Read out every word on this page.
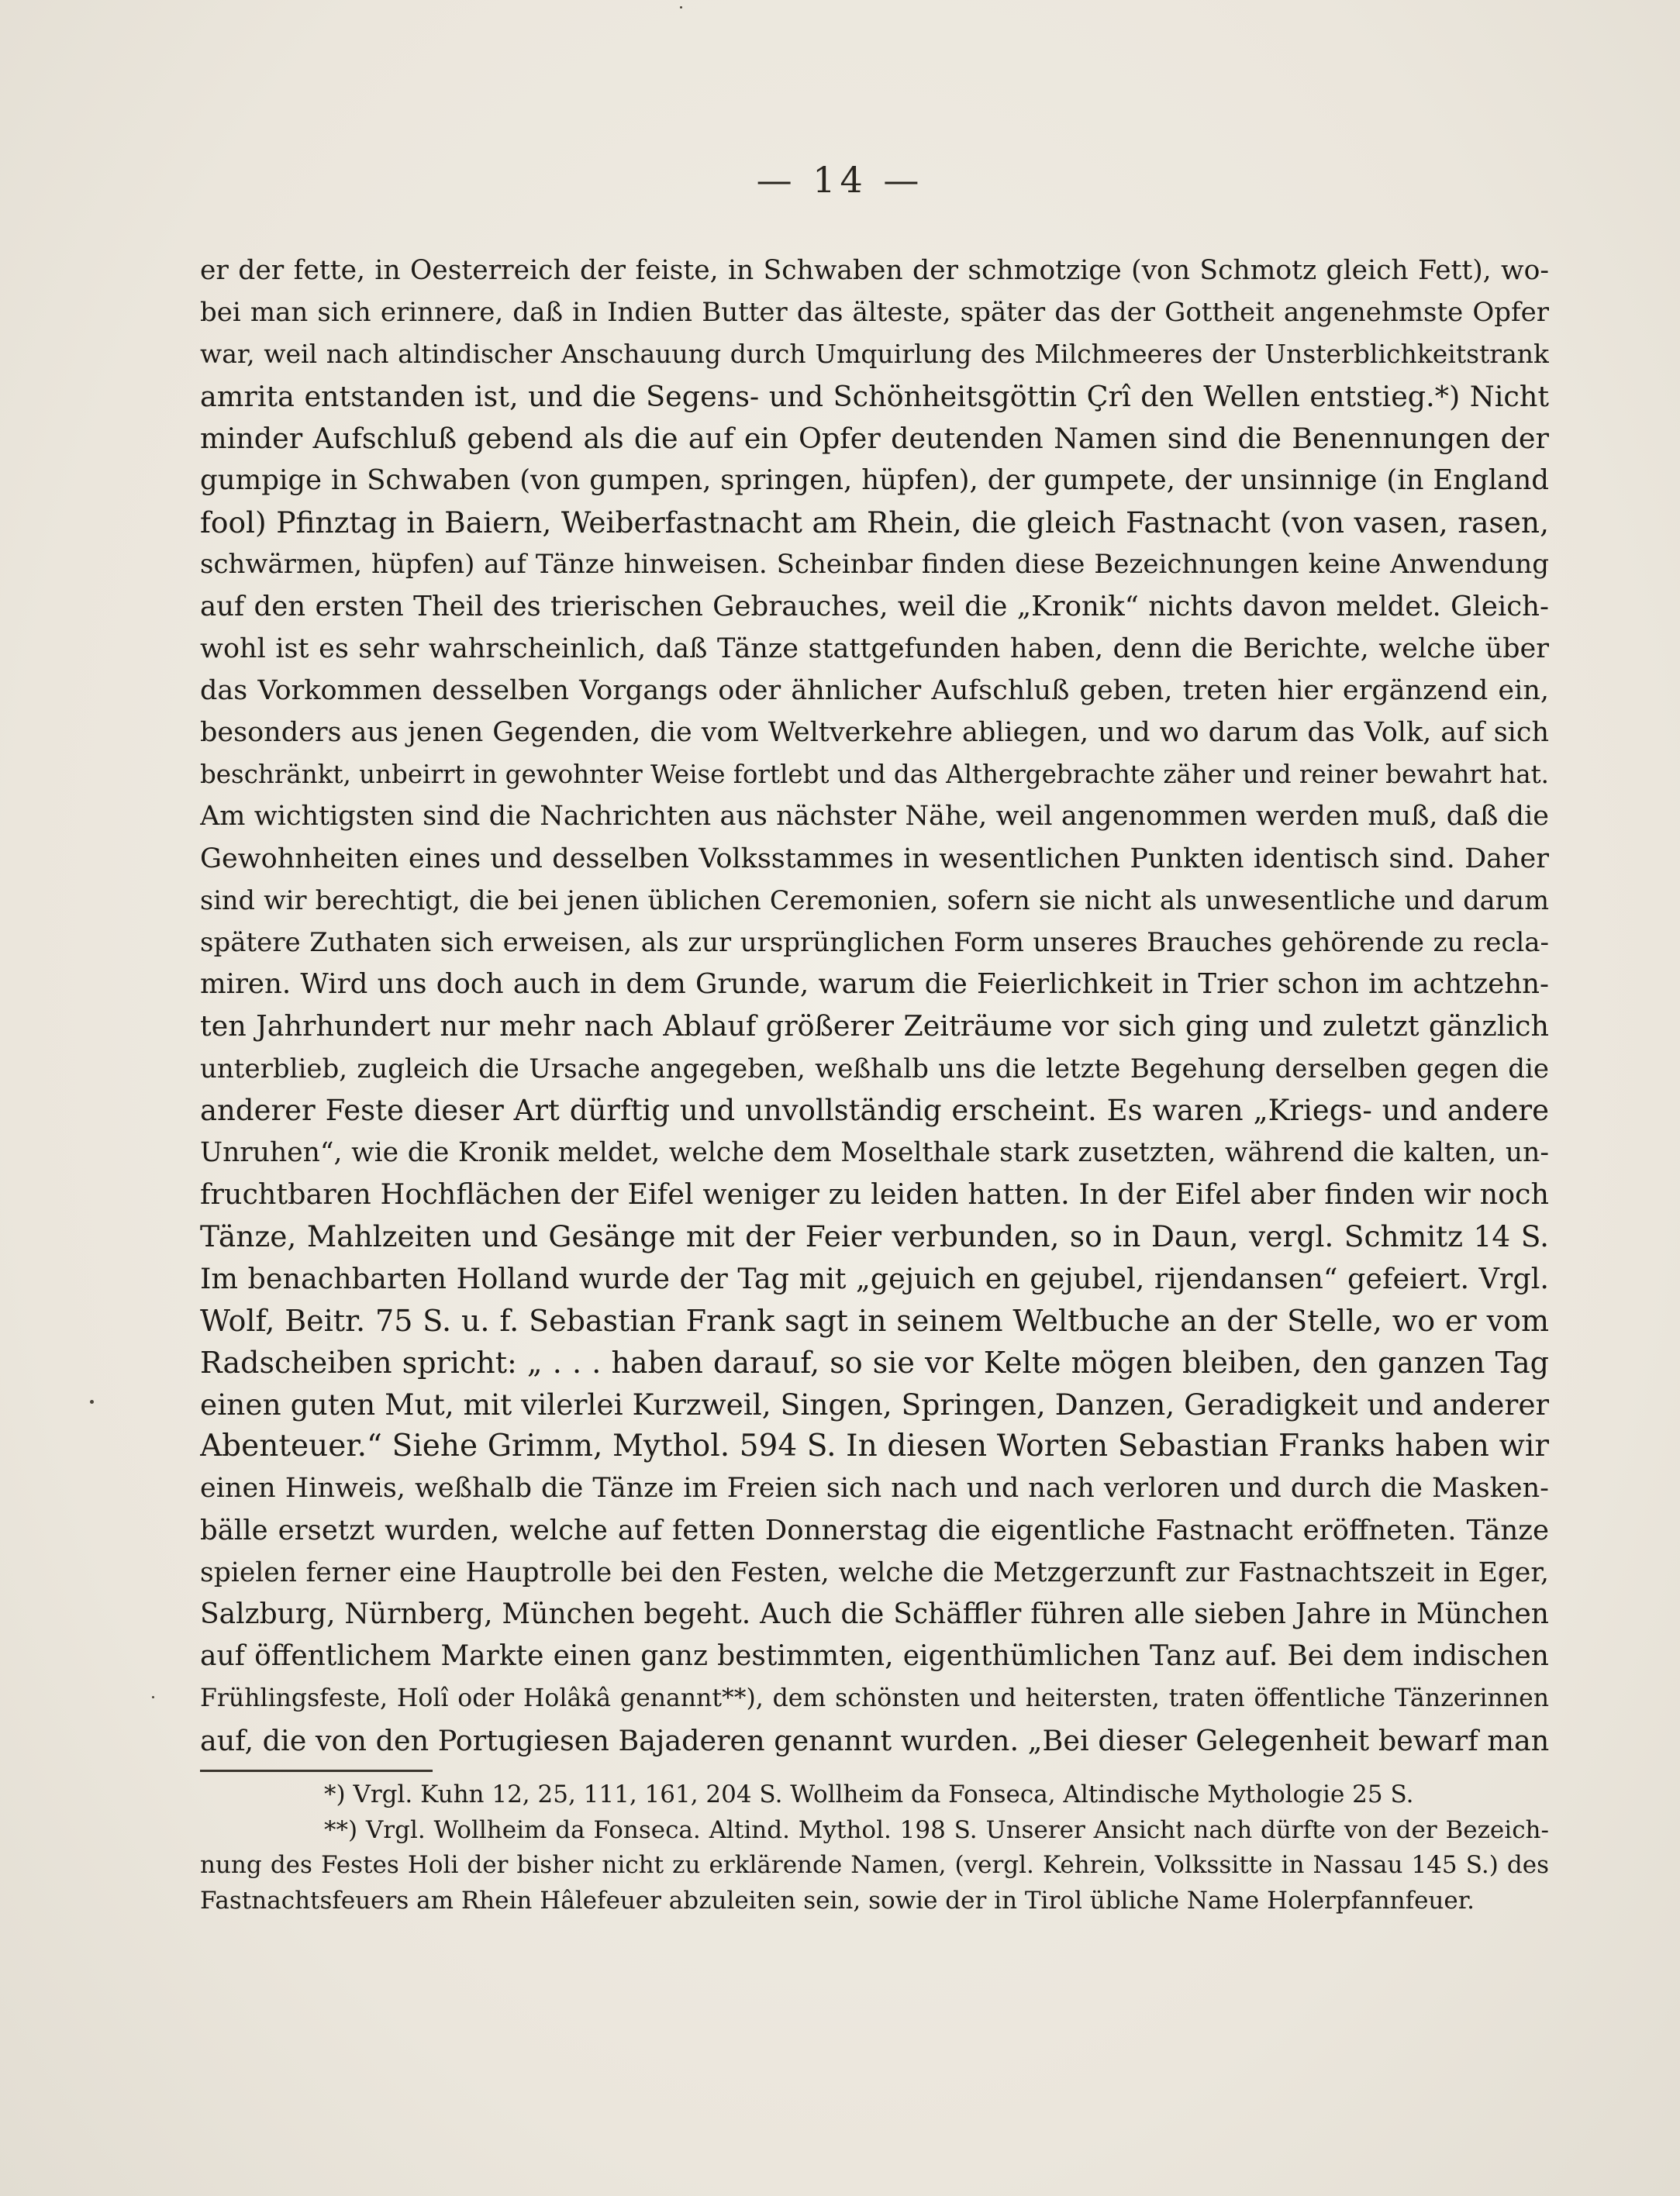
— 14 —
er der fette, in Oesterreich der feiste, in Schwaben der schmotzige (von Schmotz gleich Fett), wo-
bei man sich erinnere, daß in Indien Butter das älteste, später das der Gottheit angenehmste Opfer
war, weil nach altindischer Anschauung durch Umquirlung des Milchmeeres der Unsterblichkeitstrank
amrita entstanden ist, und die Segens- und Schönheitsgöttin Çrî den Wellen entstieg.*) Nicht
minder Aufschluß gebend als die auf ein Opfer deutenden Namen sind die Benennungen der
gumpige in Schwaben (von gumpen, springen, hüpfen), der gumpete, der unsinnige (in England
fool) Pfinztag in Baiern, Weiberfastnacht am Rhein, die gleich Fastnacht (von vasen, rasen,
schwärmen, hüpfen) auf Tänze hinweisen. Scheinbar finden diese Bezeichnungen keine Anwendung
auf den ersten Theil des trierischen Gebrauches, weil die „Kronik“ nichts davon meldet. Gleich-
wohl ist es sehr wahrscheinlich, daß Tänze stattgefunden haben, denn die Berichte, welche über
das Vorkommen desselben Vorgangs oder ähnlicher Aufschluß geben, treten hier ergänzend ein,
besonders aus jenen Gegenden, die vom Weltverkehre abliegen, und wo darum das Volk, auf sich
beschränkt, unbeirrt in gewohnter Weise fortlebt und das Althergebrachte zäher und reiner bewahrt hat.
Am wichtigsten sind die Nachrichten aus nächster Nähe, weil angenommen werden muß, daß die
Gewohnheiten eines und desselben Volksstammes in wesentlichen Punkten identisch sind. Daher
sind wir berechtigt, die bei jenen üblichen Ceremonien, sofern sie nicht als unwesentliche und darum
spätere Zuthaten sich erweisen, als zur ursprünglichen Form unseres Brauches gehörende zu recla-
miren. Wird uns doch auch in dem Grunde, warum die Feierlichkeit in Trier schon im achtzehn-
ten Jahrhundert nur mehr nach Ablauf größerer Zeiträume vor sich ging und zuletzt gänzlich
unterblieb, zugleich die Ursache angegeben, weßhalb uns die letzte Begehung derselben gegen die
anderer Feste dieser Art dürftig und unvollständig erscheint. Es waren „Kriegs- und andere
Unruhen“, wie die Kronik meldet, welche dem Moselthale stark zusetzten, während die kalten, un-
fruchtbaren Hochflächen der Eifel weniger zu leiden hatten. In der Eifel aber finden wir noch
Tänze, Mahlzeiten und Gesänge mit der Feier verbunden, so in Daun, vergl. Schmitz 14 S.
Im benachbarten Holland wurde der Tag mit „gejuich en gejubel, rijendansen“ gefeiert. Vrgl.
Wolf, Beitr. 75 S. u. f. Sebastian Frank sagt in seinem Weltbuche an der Stelle, wo er vom
Radscheiben spricht: „ . . . haben darauf, so sie vor Kelte mögen bleiben, den ganzen Tag
einen guten Mut, mit vilerlei Kurzweil, Singen, Springen, Danzen, Geradigkeit und anderer
Abenteuer.“ Siehe Grimm, Mythol. 594 S. In diesen Worten Sebastian Franks haben wir
einen Hinweis, weßhalb die Tänze im Freien sich nach und nach verloren und durch die Masken-
bälle ersetzt wurden, welche auf fetten Donnerstag die eigentliche Fastnacht eröffneten. Tänze
spielen ferner eine Hauptrolle bei den Festen, welche die Metzgerzunft zur Fastnachtszeit in Eger,
Salzburg, Nürnberg, München begeht. Auch die Schäffler führen alle sieben Jahre in München
auf öffentlichem Markte einen ganz bestimmten, eigenthümlichen Tanz auf. Bei dem indischen
Frühlingsfeste, Holî oder Holâkâ genannt**), dem schönsten und heitersten, traten öffentliche Tänzerinnen
auf, die von den Portugiesen Bajaderen genannt wurden. „Bei dieser Gelegenheit bewarf man
*) Vrgl. Kuhn 12, 25, 111, 161, 204 S. Wollheim da Fonseca, Altindische Mythologie 25 S.
**) Vrgl. Wollheim da Fonseca. Altind. Mythol. 198 S. Unserer Ansicht nach dürfte von der Bezeich-
nung des Festes Holi der bisher nicht zu erklärende Namen, (vergl. Kehrein, Volkssitte in Nassau 145 S.) des
Fastnachtsfeuers am Rhein Hâlefeuer abzuleiten sein, sowie der in Tirol übliche Name Holerpfannfeuer.
